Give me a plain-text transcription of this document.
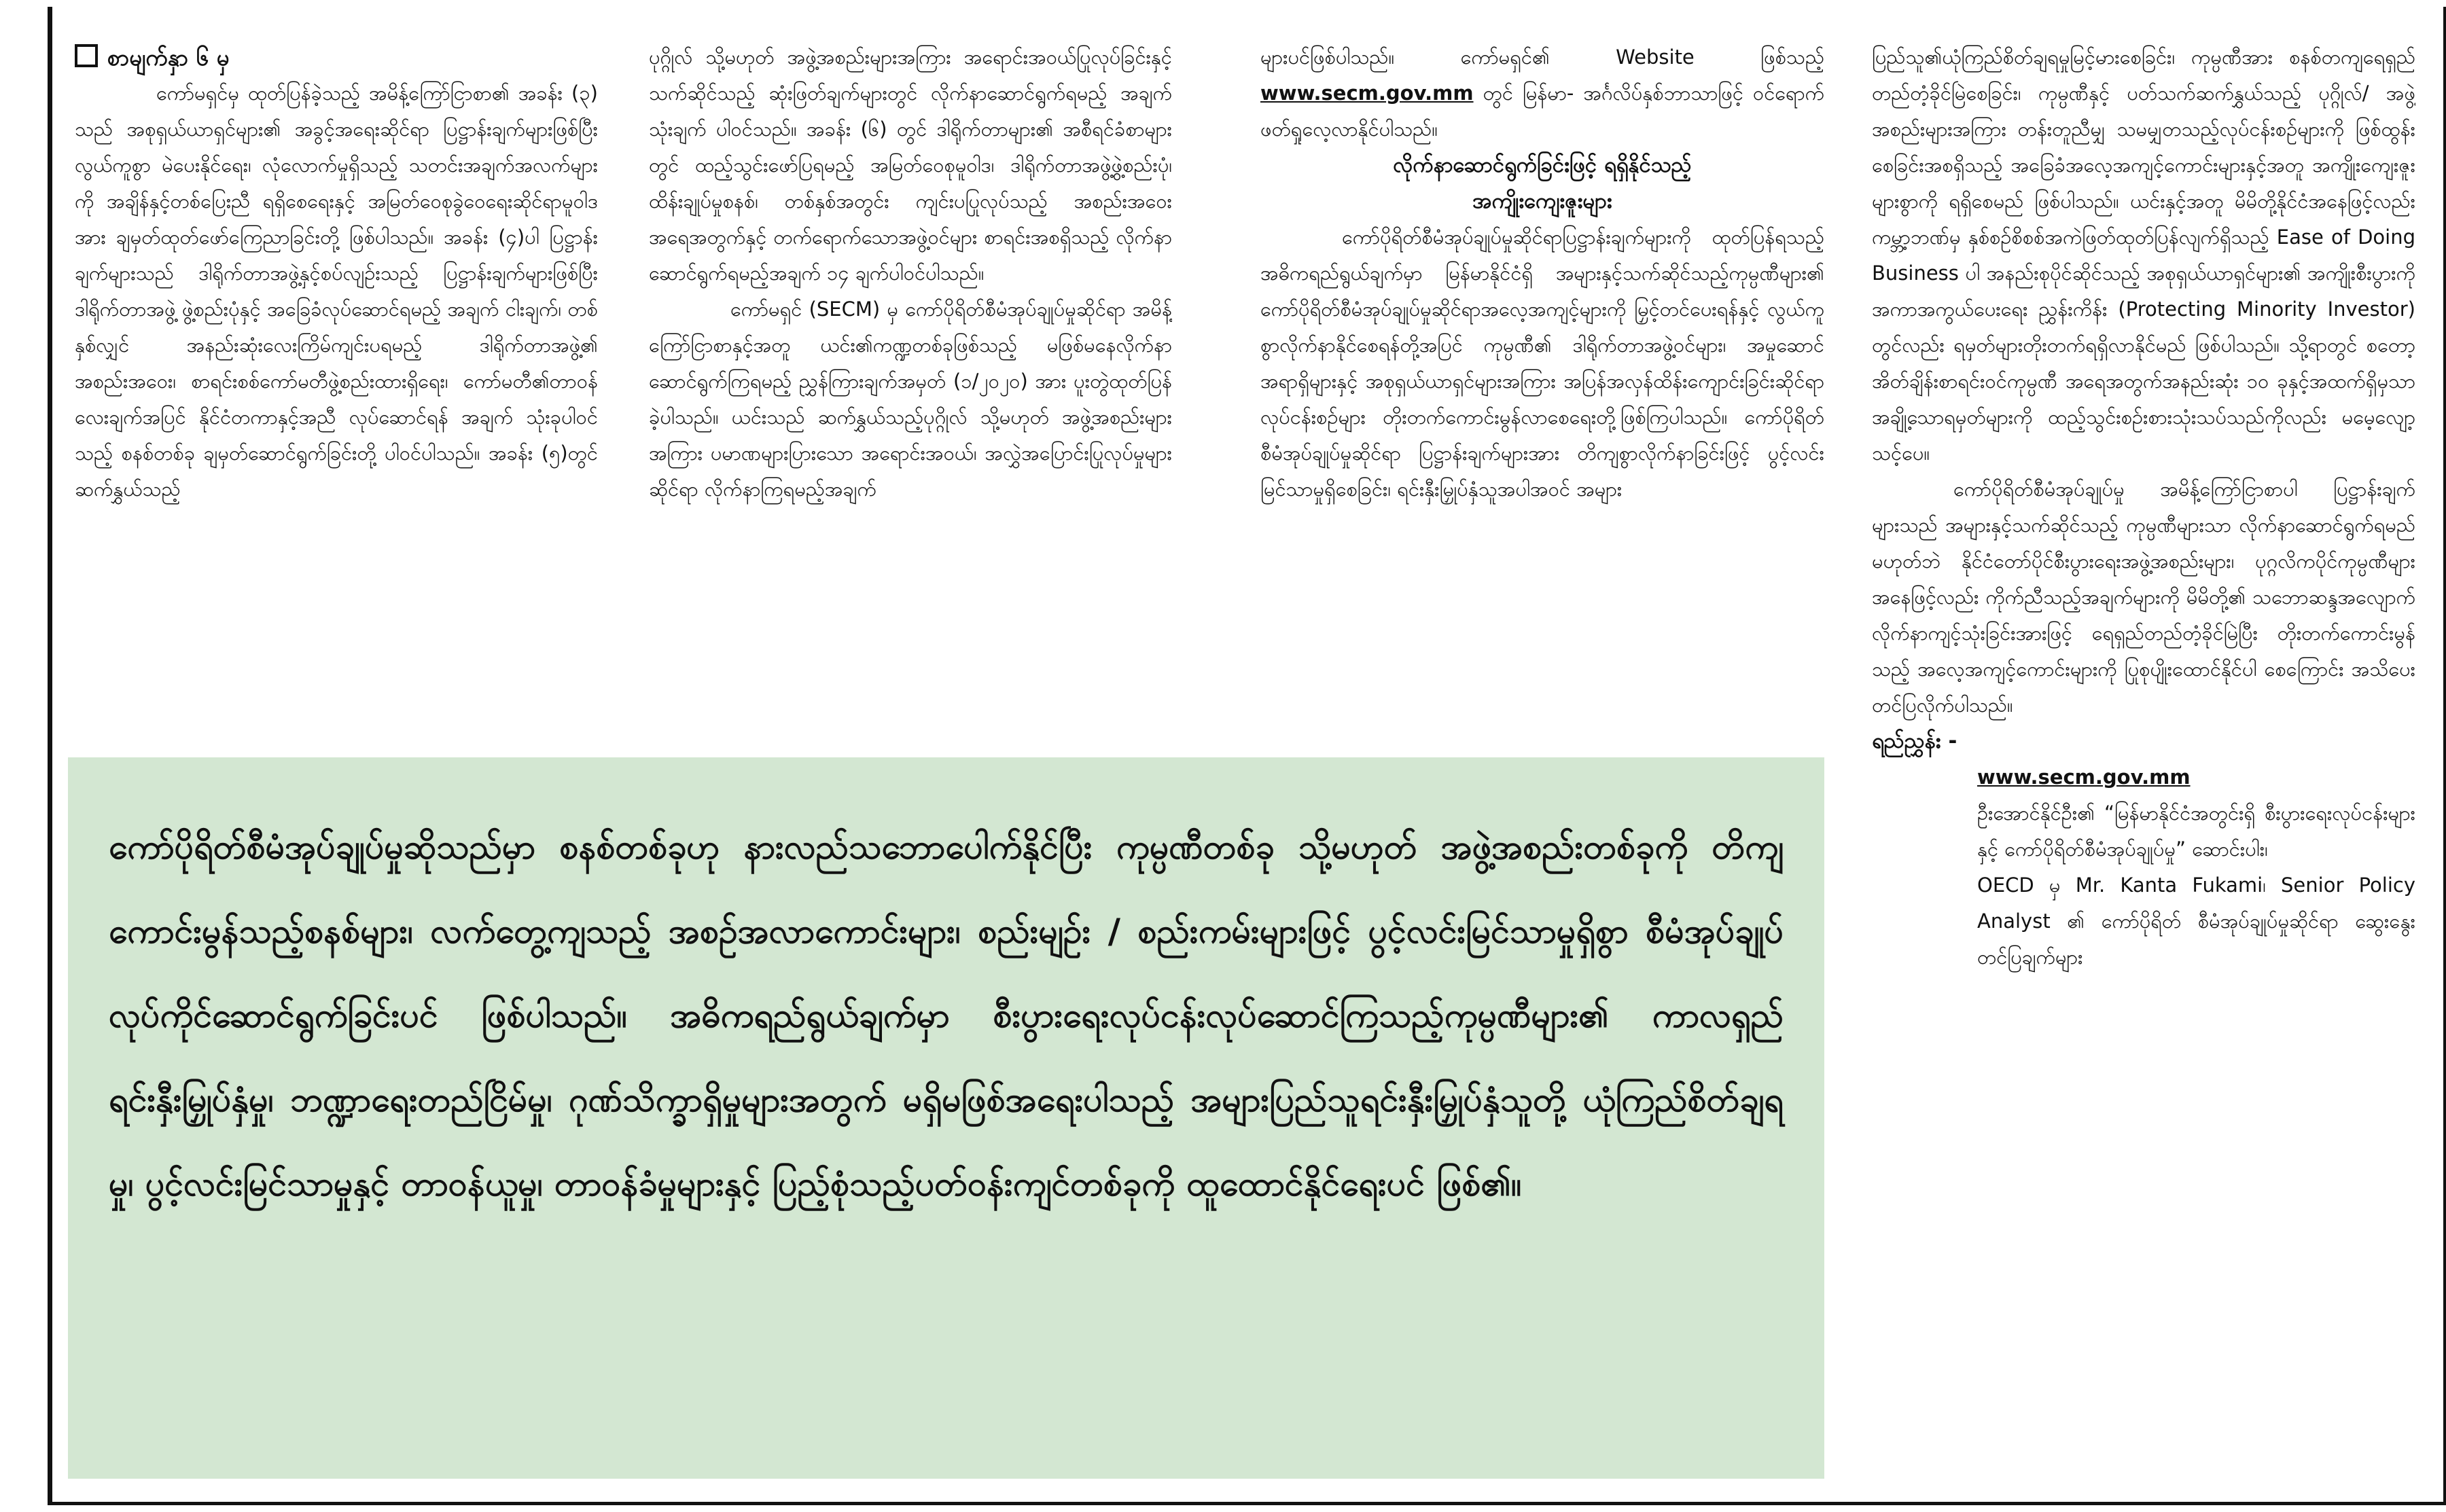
စာမျက်နှာ ၆ မှ

ကော်မရှင်မှ ထုတ်ပြန်ခဲ့သည့် အမိန့်ကြော်ငြာစာ၏ အခန်း (၃) သည် အစုရှယ်ယာရှင်များ၏ အခွင့်အရေးဆိုင်ရာ ပြဋ္ဌာန်းချက်များဖြစ်ပြီး လွယ်ကူစွာ မဲပေးနိုင်ရေး၊ လုံလောက်မှုရှိသည့် သတင်းအချက်အလက်များကို အချိန်နှင့်တစ်ပြေးညီ ရရှိစေရေးနှင့် အမြတ်ဝေစုခွဲဝေရေးဆိုင်ရာမူဝါဒအား ချမှတ်ထုတ်ဖော်ကြေညာခြင်းတို့ ဖြစ်ပါသည်။ အခန်း (၄)ပါ ပြဋ္ဌာန်းချက်များသည် ဒါရိုက်တာအဖွဲ့နှင့်စပ်လျဉ်းသည့် ပြဋ္ဌာန်းချက်များဖြစ်ပြီး ဒါရိုက်တာအဖွဲ့ ဖွဲ့စည်းပုံနှင့် အခြေခံလုပ်ဆောင်ရမည့် အချက် ငါးချက်၊ တစ်နှစ်လျှင် အနည်းဆုံးလေးကြိမ်ကျင်းပရမည့် ဒါရိုက်တာအဖွဲ့၏ အစည်းအဝေး၊ စာရင်းစစ်ကော်မတီဖွဲ့စည်းထားရှိရေး၊ ကော်မတီ၏တာဝန်လေးချက်အပြင် နိုင်ငံတကာနှင့်အညီ လုပ်ဆောင်ရန် အချက် သုံးခုပါဝင်သည့် စနစ်တစ်ခု ချမှတ်ဆောင်ရွက်ခြင်းတို့ ပါဝင်ပါသည်။ အခန်း (၅)တွင် ဆက်နွှယ်သည့်

ပုဂ္ဂိုလ် သို့မဟုတ် အဖွဲ့အစည်းများအကြား အရောင်းအဝယ်ပြုလုပ်ခြင်းနှင့်သက်ဆိုင်သည့် ဆုံးဖြတ်ချက်များတွင် လိုက်နာဆောင်ရွက်ရမည့် အချက်သုံးချက် ပါဝင်သည်။ အခန်း (၆) တွင် ဒါရိုက်တာများ၏ အစီရင်ခံစာများတွင် ထည့်သွင်းဖော်ပြရမည့် အမြတ်ဝေစုမူဝါဒ၊ ဒါရိုက်တာအဖွဲ့ဖွဲ့စည်းပုံ၊ ထိန်းချုပ်မှုစနစ်၊ တစ်နှစ်အတွင်း ကျင်းပပြုလုပ်သည့် အစည်းအဝေးအရေအတွက်နှင့် တက်ရောက်သောအဖွဲ့ဝင်များ စာရင်းအစရှိသည့် လိုက်နာဆောင်ရွက်ရမည့်အချက် ၁၄ ချက်ပါဝင်ပါသည်။

ကော်မရှင် (SECM) မှ ကော်ပိုရိတ်စီမံအုပ်ချုပ်မှုဆိုင်ရာ အမိန့်ကြော်ငြာစာနှင့်အတူ ယင်း၏ကဏ္ဍတစ်ခုဖြစ်သည့် မဖြစ်မနေလိုက်နာဆောင်ရွက်ကြရမည့် ညွှန်ကြားချက်အမှတ် (၁/၂၀၂၀) အား ပူးတွဲထုတ်ပြန်ခဲ့ပါသည်။ ယင်းသည် ဆက်နွှယ်သည့်ပုဂ္ဂိုလ် သို့မဟုတ် အဖွဲ့အစည်းများအကြား ပမာဏများပြားသော အရောင်းအဝယ်၊ အလွှဲအပြောင်းပြုလုပ်မှုများဆိုင်ရာ လိုက်နာကြရမည့်အချက်

များပင်ဖြစ်ပါသည်။ ကော်မရှင်၏ Website ဖြစ်သည့် www.secm.gov.mm တွင် မြန်မာ- အင်္ဂလိပ်နှစ်ဘာသာဖြင့် ဝင်ရောက်ဖတ်ရှုလေ့လာနိုင်ပါသည်။

လိုက်နာဆောင်ရွက်ခြင်းဖြင့် ရရှိနိုင်သည့်

အကျိုးကျေးဇူးများ

ကော်ပိုရိတ်စီမံအုပ်ချုပ်မှုဆိုင်ရာပြဋ္ဌာန်းချက်များကို ထုတ်ပြန်ရသည့် အဓိကရည်ရွယ်ချက်မှာ မြန်မာနိုင်ငံရှိ အများနှင့်သက်ဆိုင်သည့်ကုမ္ပဏီများ၏ ကော်ပိုရိတ်စီမံအုပ်ချုပ်မှုဆိုင်ရာအလေ့အကျင့်များကို မြှင့်တင်ပေးရန်နှင့် လွယ်ကူစွာလိုက်နာနိုင်စေရန်တို့အပြင် ကုမ္ပဏီ၏ ဒါရိုက်တာအဖွဲ့ဝင်များ၊ အမှုဆောင်အရာရှိများနှင့် အစုရှယ်ယာရှင်များအကြား အပြန်အလှန်ထိန်းကျောင်းခြင်းဆိုင်ရာလုပ်ငန်းစဉ်များ တိုးတက်ကောင်းမွန်လာစေရေးတို့ဖြစ်ကြပါသည်။ ကော်ပိုရိတ်စီမံအုပ်ချုပ်မှုဆိုင်ရာ ပြဋ္ဌာန်းချက်များအား တိကျစွာလိုက်နာခြင်းဖြင့် ပွင့်လင်းမြင်သာမှုရှိစေခြင်း၊ ရင်းနှီးမြှုပ်နှံသူအပါအဝင် အများ

ပြည်သူ၏ယုံကြည်စိတ်ချရမှုမြင့်မားစေခြင်း၊ ကုမ္ပဏီအား စနစ်တကျရေရှည်တည်တံ့ခိုင်မြဲစေခြင်း၊ ကုမ္ပဏီနှင့် ပတ်သက်ဆက်နွှယ်သည့် ပုဂ္ဂိုလ်/ အဖွဲ့အစည်းများအကြား တန်းတူညီမျှ သမမျှတသည့်လုပ်ငန်းစဉ်များကို ဖြစ်ထွန်းစေခြင်းအစရှိသည့် အခြေခံအလေ့အကျင့်ကောင်းများနှင့်အတူ အကျိုးကျေးဇူးများစွာကို ရရှိစေမည် ဖြစ်ပါသည်။ ယင်းနှင့်အတူ မိမိတို့နိုင်ငံအနေဖြင့်လည်း ကမ္ဘာ့ဘဏ်မှ နှစ်စဉ်စိစစ်အကဲဖြတ်ထုတ်ပြန်လျက်ရှိသည့် Ease of Doing Business ပါ အနည်းစုပိုင်ဆိုင်သည့် အစုရှယ်ယာရှင်များ၏ အကျိုးစီးပွားကို အကာအကွယ်ပေးရေး ညွှန်းကိန်း (Protecting Minority Investor) တွင်လည်း ရမှတ်များတိုးတက်ရရှိလာနိုင်မည် ဖြစ်ပါသည်။ သို့ရာတွင် စတော့အိတ်ချိန်းစာရင်းဝင်ကုမ္ပဏီ အရေအတွက်အနည်းဆုံး ၁၀ ခုနှင့်အထက်ရှိမှသာ အချို့သောရမှတ်များကို ထည့်သွင်းစဉ်းစားသုံးသပ်သည်ကိုလည်း မမေ့လျော့သင့်ပေ။

ကော်ပိုရိတ်စီမံအုပ်ချုပ်မှု အမိန့်ကြော်ငြာစာပါ ပြဋ္ဌာန်းချက်များသည် အများနှင့်သက်ဆိုင်သည့် ကုမ္ပဏီများသာ လိုက်နာဆောင်ရွက်ရမည်မဟုတ်ဘဲ နိုင်ငံတော်ပိုင်စီးပွားရေးအဖွဲ့အစည်းများ၊ ပုဂ္ဂလိကပိုင်ကုမ္ပဏီများ အနေဖြင့်လည်း ကိုက်ညီသည့်အချက်များကို မိမိတို့၏ သဘောဆန္ဒအလျောက် လိုက်နာကျင့်သုံးခြင်းအားဖြင့် ရေရှည်တည်တံ့ခိုင်မြဲပြီး တိုးတက်ကောင်းမွန်သည့် အလေ့အကျင့်ကောင်းများကို ပြုစုပျိုးထောင်နိုင်ပါ စေကြောင်း အသိပေးတင်ပြလိုက်ပါသည်။

ရည်ညွှန်း -

www.secm.gov.mm

ဦးအောင်နိုင်ဦး၏ “မြန်မာနိုင်ငံအတွင်းရှိ စီးပွားရေးလုပ်ငန်းများနှင့် ကော်ပိုရိတ်စီမံအုပ်ချုပ်မှု” ဆောင်းပါး၊

OECD မှ Mr. Kanta Fukami၊ Senior Policy Analyst ၏ ကော်ပိုရိတ် စီမံအုပ်ချုပ်မှုဆိုင်ရာ ဆွေးနွေးတင်ပြချက်များ

ကော်ပိုရိတ်စီမံအုပ်ချုပ်မှုဆိုသည်မှာ စနစ်တစ်ခုဟု နားလည်သဘောပေါက်နိုင်ပြီး ကုမ္ပဏီတစ်ခု သို့မဟုတ် အဖွဲ့အစည်းတစ်ခုကို တိကျကောင်းမွန်သည့်စနစ်များ၊ လက်တွေ့ကျသည့် အစဉ်အလာကောင်းများ၊ စည်းမျဉ်း / စည်းကမ်းများဖြင့် ပွင့်လင်းမြင်သာမှုရှိစွာ စီမံအုပ်ချုပ်လုပ်ကိုင်ဆောင်ရွက်ခြင်းပင် ဖြစ်ပါသည်။ အဓိကရည်ရွယ်ချက်မှာ စီးပွားရေးလုပ်ငန်းလုပ်ဆောင်ကြသည့်ကုမ္ပဏီများ၏ ကာလရှည်ရင်းနှီးမြှုပ်နှံမှု၊ ဘဏ္ဍာရေးတည်ငြိမ်မှု၊ ဂုဏ်သိက္ခာရှိမှုများအတွက် မရှိမဖြစ်အရေးပါသည့် အများပြည်သူရင်းနှီးမြှုပ်နှံသူတို့ ယုံကြည်စိတ်ချရမှု၊ ပွင့်လင်းမြင်သာမှုနှင့် တာဝန်ယူမှု၊ တာဝန်ခံမှုများနှင့် ပြည့်စုံသည့်ပတ်ဝန်းကျင်တစ်ခုကို ထူထောင်နိုင်ရေးပင် ဖြစ်၏။
